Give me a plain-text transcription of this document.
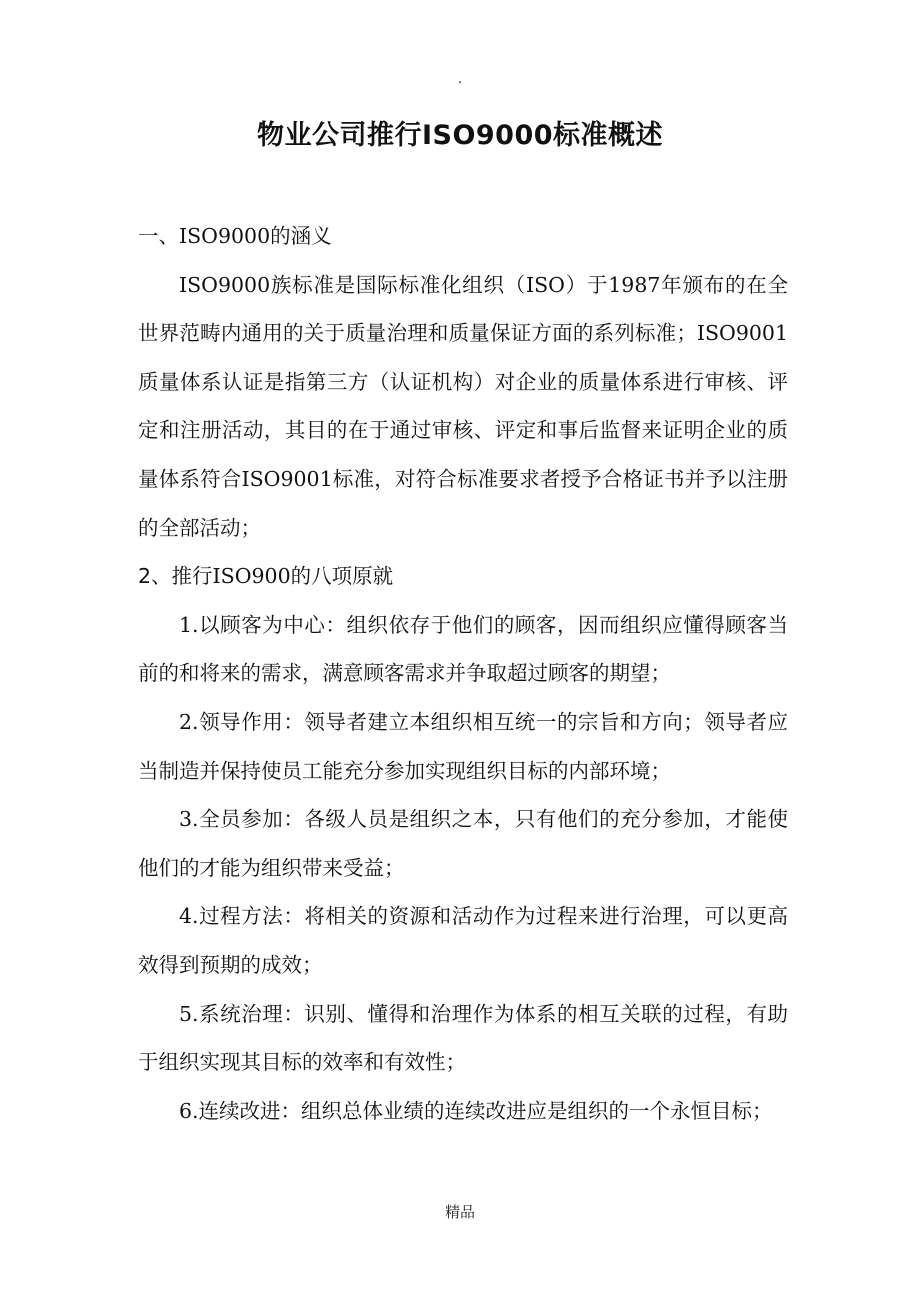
.
物业公司推行ISO9000标准概述

一、ISO9000的涵义

ISO9000族标准是国际标准化组织（ISO）于1987年颁布的在全世界范畴内通用的关于质量治理和质量保证方面的系列标准；ISO9001质量体系认证是指第三方（认证机构）对企业的质量体系进行审核、评定和注册活动，其目的在于通过审核、评定和事后监督来证明企业的质量体系符合ISO9001标准，对符合标准要求者授予合格证书并予以注册的全部活动；

2、推行ISO900的八项原就

1.以顾客为中心：组织依存于他们的顾客，因而组织应懂得顾客当前的和将来的需求，满意顾客需求并争取超过顾客的期望；

2.领导作用：领导者建立本组织相互统一的宗旨和方向；领导者应当制造并保持使员工能充分参加实现组织目标的内部环境；

3.全员参加：各级人员是组织之本，只有他们的充分参加，才能使他们的才能为组织带来受益；

4.过程方法：将相关的资源和活动作为过程来进行治理，可以更高效得到预期的成效；

5.系统治理：识别、懂得和治理作为体系的相互关联的过程，有助于组织实现其目标的效率和有效性；

6.连续改进：组织总体业绩的连续改进应是组织的一个永恒目标；

精品
